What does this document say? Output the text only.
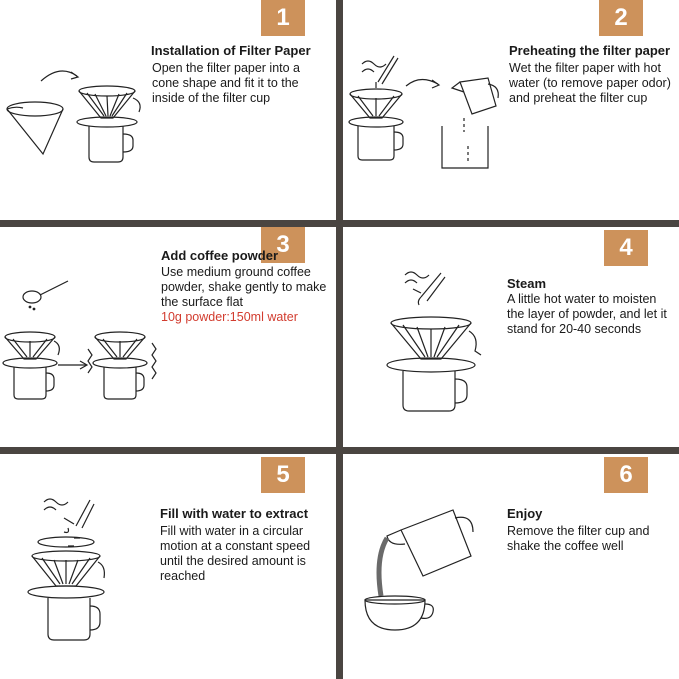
1
Installation of Filter Paper
Open the filter paper into a cone shape and fit it to the inside of the filter cup
2
Preheating the filter paper
Wet the filter paper with hot water (to remove paper odor) and preheat the filter cup
3
Add coffee powder
Use medium ground coffee powder, shake gently to make the surface flat
10g powder:150ml water
4
Steam
A little hot water to moisten the layer of powder, and let it stand for 20-40 seconds
5
Fill with water to extract
Fill with water in a circular motion at a constant speed until the desired amount is reached
6
Enjoy
Remove the filter cup and shake the coffee well
